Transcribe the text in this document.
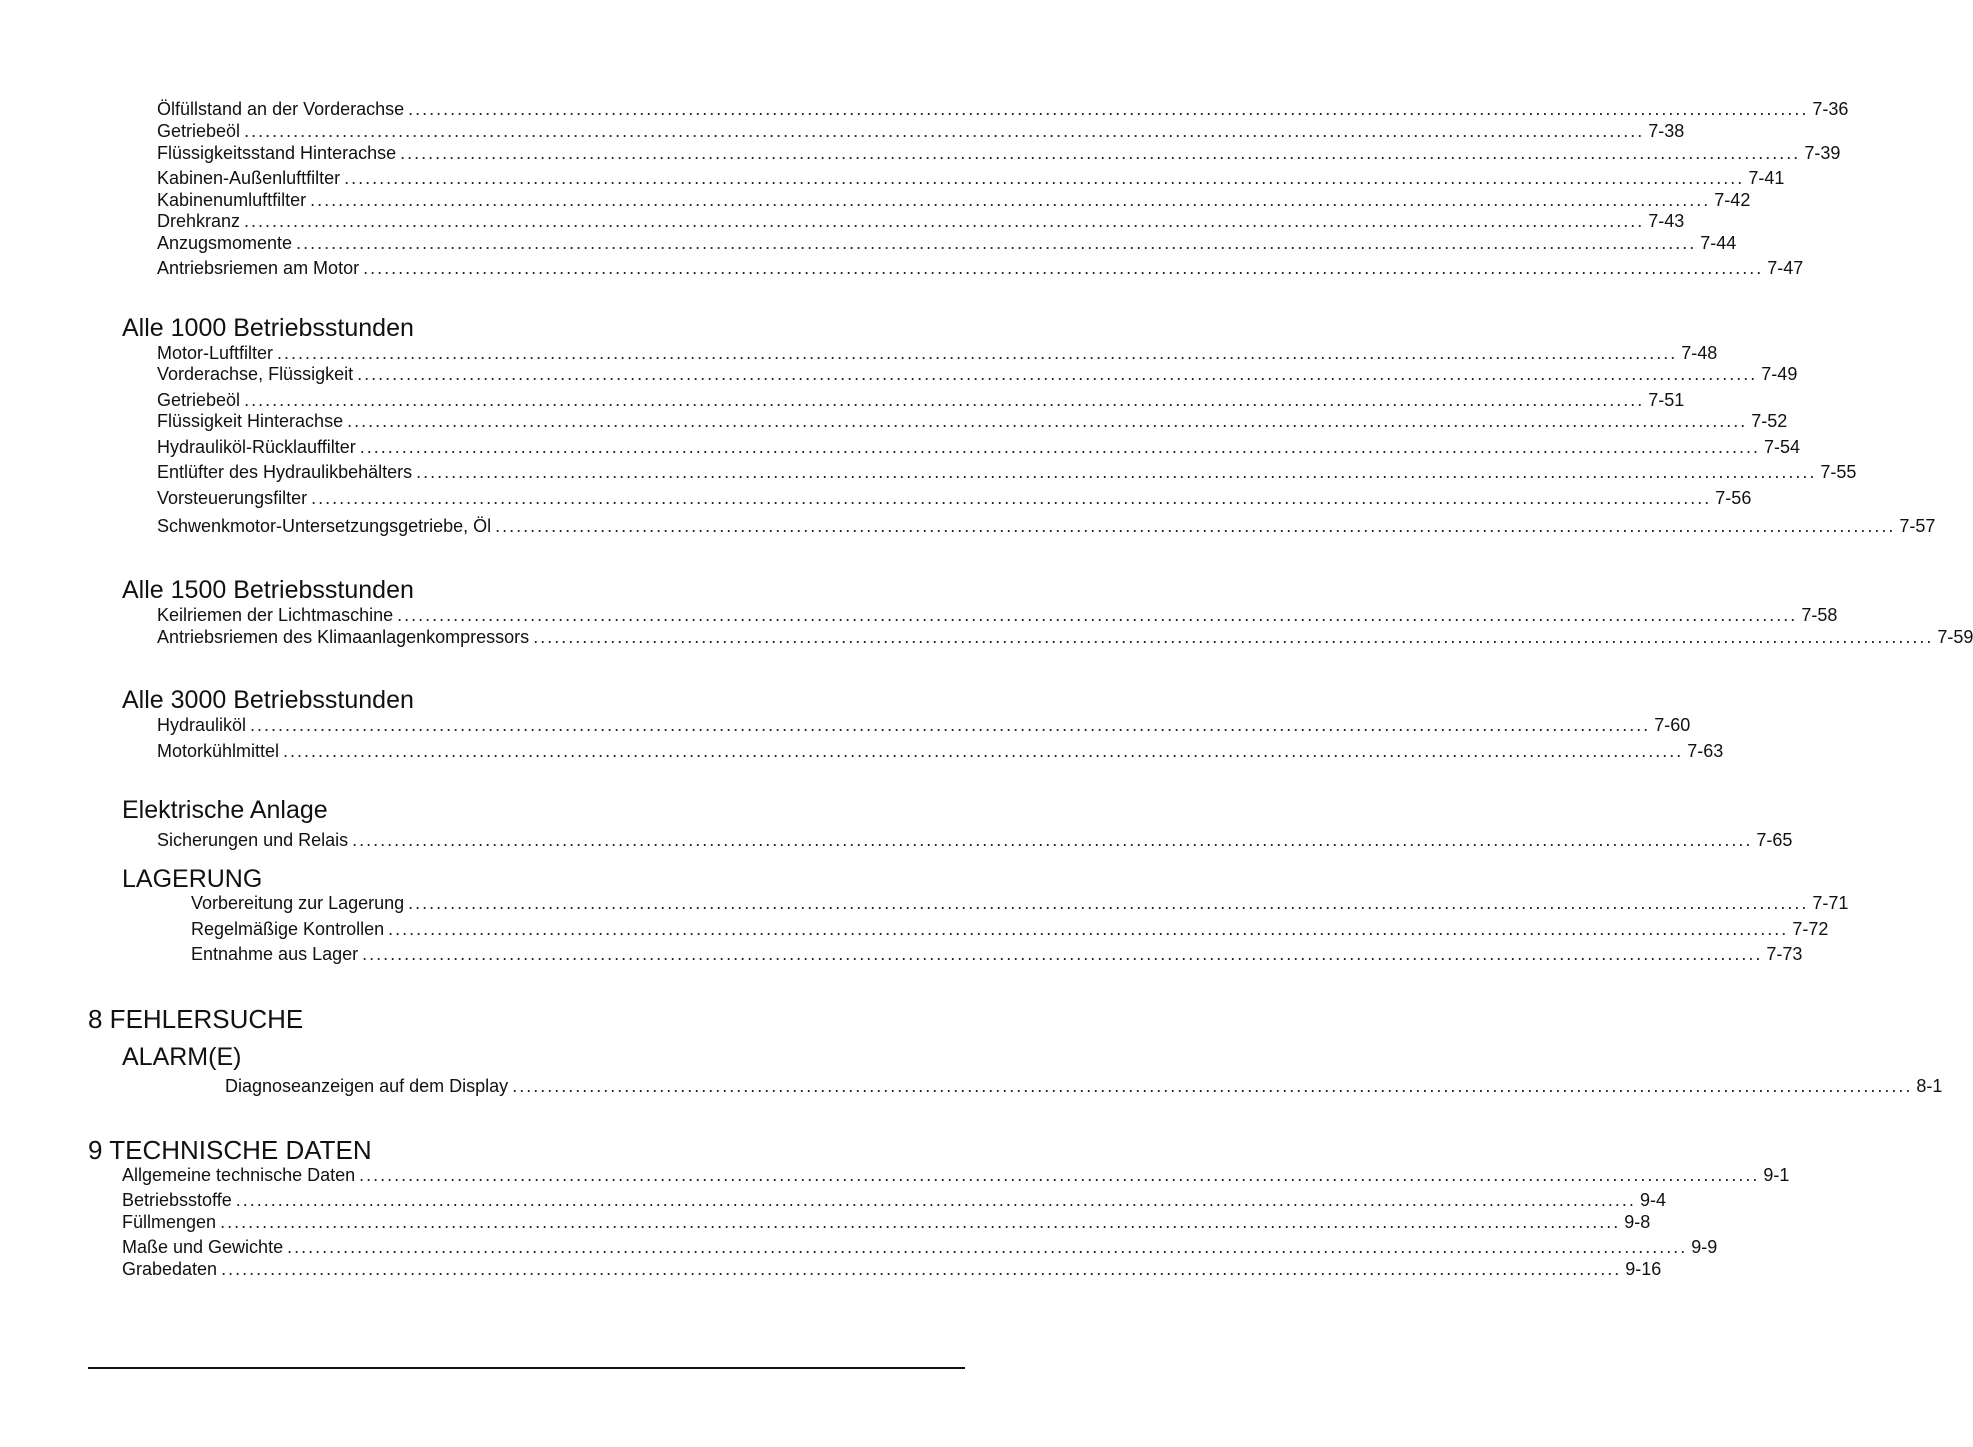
Ölfüllstand an der Vorderachse ........................................................................................................................................................................................................ 7-36
Getriebeöl ........................................................................................................................................................................................................ 7-38
Flüssigkeitsstand Hinterachse ........................................................................................................................................................................................................ 7-39
Kabinen-Außenluftfilter ........................................................................................................................................................................................................ 7-41
Kabinenumluftfilter ........................................................................................................................................................................................................ 7-42
Drehkranz ........................................................................................................................................................................................................ 7-43
Anzugsmomente ........................................................................................................................................................................................................ 7-44
Antriebsriemen am Motor ........................................................................................................................................................................................................ 7-47
Alle 1000 Betriebsstunden
Motor-Luftfilter ........................................................................................................................................................................................................ 7-48
Vorderachse, Flüssigkeit ........................................................................................................................................................................................................ 7-49
Getriebeöl ........................................................................................................................................................................................................ 7-51
Flüssigkeit Hinterachse ........................................................................................................................................................................................................ 7-52
Hydrauliköl-Rücklauffilter ........................................................................................................................................................................................................ 7-54
Entlüfter des Hydraulikbehälters ........................................................................................................................................................................................................ 7-55
Vorsteuerungsfilter ........................................................................................................................................................................................................ 7-56
Schwenkmotor-Untersetzungsgetriebe, Öl ........................................................................................................................................................................................................ 7-57
Alle 1500 Betriebsstunden
Keilriemen der Lichtmaschine ........................................................................................................................................................................................................ 7-58
Antriebsriemen des Klimaanlagenkompressors ........................................................................................................................................................................................................ 7-59
Alle 3000 Betriebsstunden
Hydrauliköl ........................................................................................................................................................................................................ 7-60
Motorkühlmittel ........................................................................................................................................................................................................ 7-63
Elektrische Anlage
Sicherungen und Relais ........................................................................................................................................................................................................ 7-65
LAGERUNG
Vorbereitung zur Lagerung ........................................................................................................................................................................................................ 7-71
Regelmäßige Kontrollen ........................................................................................................................................................................................................ 7-72
Entnahme aus Lager ........................................................................................................................................................................................................ 7-73
8 FEHLERSUCHE
ALARM(E)
Diagnoseanzeigen auf dem Display ........................................................................................................................................................................................................ 8-1
9 TECHNISCHE DATEN
Allgemeine technische Daten ........................................................................................................................................................................................................ 9-1
Betriebsstoffe ........................................................................................................................................................................................................ 9-4
Füllmengen ........................................................................................................................................................................................................ 9-8
Maße und Gewichte ........................................................................................................................................................................................................ 9-9
Grabedaten ........................................................................................................................................................................................................ 9-16
